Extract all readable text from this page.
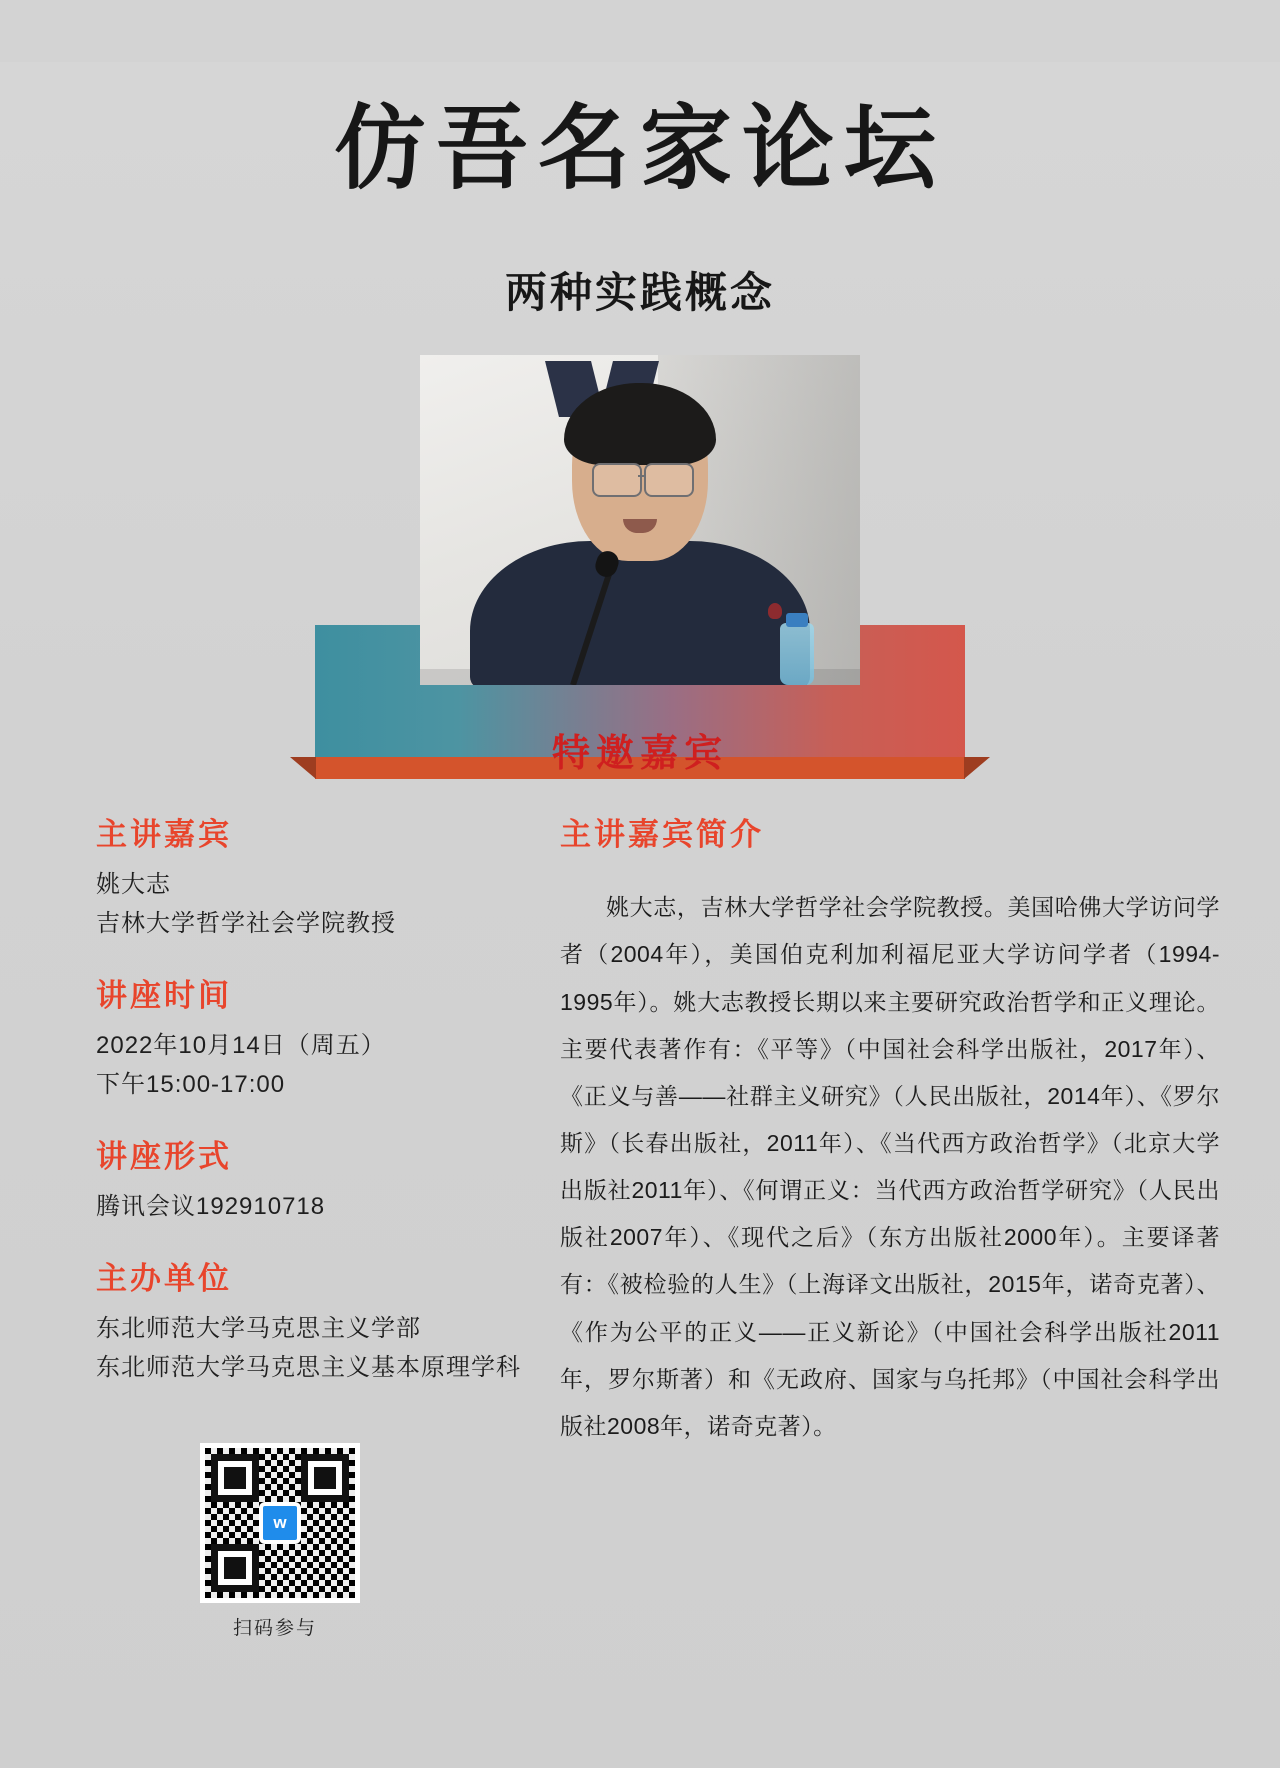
仿吾名家论坛
两种实践概念
特邀嘉宾
主讲嘉宾
姚大志
吉林大学哲学社会学院教授
讲座时间
2022年10月14日（周五）
下午15:00-17:00
讲座形式
腾讯会议192910718
主办单位
东北师范大学马克思主义学部
东北师范大学马克思主义基本原理学科
w
扫码参与
主讲嘉宾简介
姚大志，吉林大学哲学社会学院教授。美国哈佛大学访问学者（2004年），美国伯克利加利福尼亚大学访问学者（1994-1995年）。姚大志教授长期以来主要研究政治哲学和正义理论。主要代表著作有：《平等》（中国社会科学出版社，2017年）、《正义与善——社群主义研究》（人民出版社，2014年）、《罗尔斯》（长春出版社，2011年）、《当代西方政治哲学》（北京大学出版社2011年）、《何谓正义：当代西方政治哲学研究》（人民出版社2007年）、《现代之后》（东方出版社2000年）。主要译著有：《被检验的人生》（上海译文出版社，2015年，诺奇克著）、《作为公平的正义——正义新论》（中国社会科学出版社2011年，罗尔斯著）和《无政府、国家与乌托邦》（中国社会科学出版社2008年，诺奇克著）。
